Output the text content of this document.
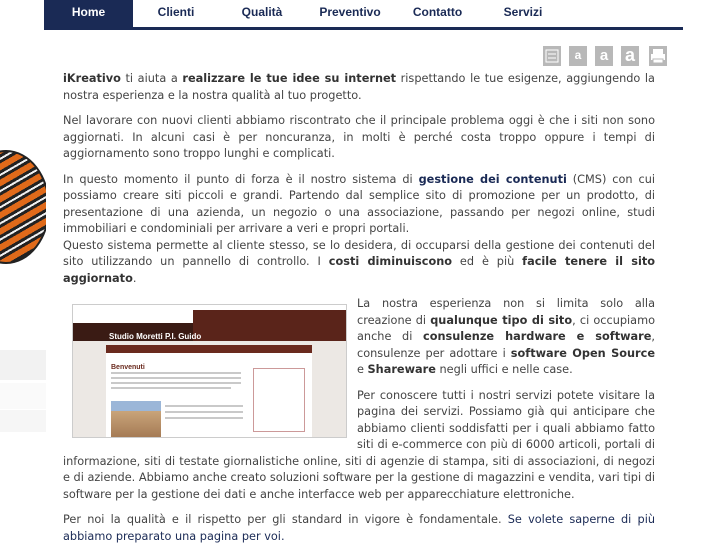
Home	Clienti	Qualità	Preventivo	Contatto	Servizi
a	a a

iKreativo ti aiuta a realizzare le tue idee su internet rispettando le tue esigenze, aggiungendo la nostra esperienza e la nostra qualità al tuo progetto.

Nel lavorare con nuovi clienti abbiamo riscontrato che il principale problema oggi è che i siti non sono aggiornati. In alcuni casi è per noncuranza, in molti è perché costa troppo oppure i tempi di aggiornamento sono troppo lunghi e complicati.

In questo momento il punto di forza è il nostro sistema di gestione dei contenuti (CMS) con cui possiamo creare siti piccoli e grandi. Partendo dal semplice sito di promozione per un prodotto, di presentazione di una azienda, un negozio o una associazione, passando per negozi online, studi immobiliari e condominiali per arrivare a veri e propri portali.
Questo sistema permette al cliente stesso, se lo desidera, di occuparsi della gestione dei contenuti del sito utilizzando un pannello di controllo. I costi diminuiscono ed è più facile tenere il sito aggiornato.

Studio Moretti P.I. Guido
Benvenuti

La nostra esperienza non si limita solo alla creazione di qualunque tipo di sito, ci occupiamo anche di consulenze hardware e software, consulenze per adottare i software Open Source e Shareware negli uffici e nelle case.

Per conoscere tutti i nostri servizi potete visitare la pagina dei servizi. Possiamo già qui anticipare che abbiamo clienti soddisfatti per i quali abbiamo fatto siti di e-commerce con più di 6000 articoli, portali di informazione, siti di testate giornalistiche online, siti di agenzie di stampa, siti di associazioni, di negozi e di aziende. Abbiamo anche creato soluzioni software per la gestione di magazzini e vendita, vari tipi di software per la gestione dei dati e anche interfacce web per apparecchiature elettroniche.

Per noi la qualità e il rispetto per gli standard in vigore è fondamentale. Se volete saperne di più abbiamo preparato una pagina per voi.
